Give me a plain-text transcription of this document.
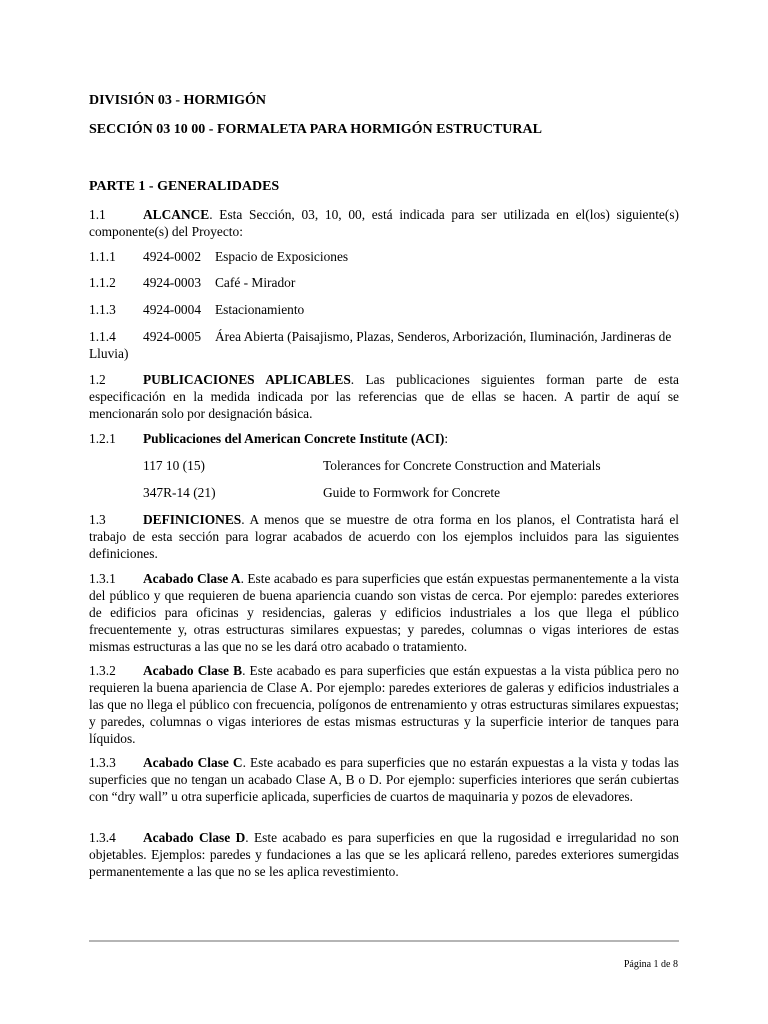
DIVISIÓN 03 - HORMIGÓN
SECCIÓN 03 10 00 - FORMALETA PARA HORMIGÓN ESTRUCTURAL
PARTE 1 - GENERALIDADES
1.1	ALCANCE. Esta Sección, 03, 10, 00, está indicada para ser utilizada en el(los) siguiente(s) componente(s) del Proyecto:
1.1.1 4924-0002 Espacio de Exposiciones
1.1.2 4924-0003 Café - Mirador
1.1.3 4924-0004 Estacionamiento
1.1.4 4924-0005 Área Abierta (Paisajismo, Plazas, Senderos, Arborización, Iluminación, Jardineras de Lluvia)
1.2	PUBLICACIONES APLICABLES. Las publicaciones siguientes forman parte de esta especificación en la medida indicada por las referencias que de ellas se hacen. A partir de aquí se mencionarán solo por designación básica.
1.2.1 Publicaciones del American Concrete Institute (ACI):
117 10 (15)	Tolerances for Concrete Construction and Materials
347R-14 (21)	Guide to Formwork for Concrete
1.3	DEFINICIONES. A menos que se muestre de otra forma en los planos, el Contratista hará el trabajo de esta sección para lograr acabados de acuerdo con los ejemplos incluidos para las siguientes definiciones.
1.3.1 Acabado Clase A. Este acabado es para superficies que están expuestas permanentemente a la vista del público y que requieren de buena apariencia cuando son vistas de cerca. Por ejemplo: paredes exteriores de edificios para oficinas y residencias, galeras y edificios industriales a los que llega el público frecuentemente y, otras estructuras similares expuestas; y paredes, columnas o vigas interiores de estas mismas estructuras a las que no se les dará otro acabado o tratamiento.
1.3.2 Acabado Clase B. Este acabado es para superficies que están expuestas a la vista pública pero no requieren la buena apariencia de Clase A. Por ejemplo: paredes exteriores de galeras y edificios industriales a las que no llega el público con frecuencia, polígonos de entrenamiento y otras estructuras similares expuestas; y paredes, columnas o vigas interiores de estas mismas estructuras y la superficie interior de tanques para líquidos.
1.3.3 Acabado Clase C. Este acabado es para superficies que no estarán expuestas a la vista y todas las superficies que no tengan un acabado Clase A, B o D. Por ejemplo: superficies interiores que serán cubiertas con “dry wall” u otra superficie aplicada, superficies de cuartos de maquinaria y pozos de elevadores.
1.3.4 Acabado Clase D. Este acabado es para superficies en que la rugosidad e irregularidad no son objetables. Ejemplos: paredes y fundaciones a las que se les aplicará relleno, paredes exteriores sumergidas permanentemente a las que no se les aplica revestimiento.
Página 1 de 8
